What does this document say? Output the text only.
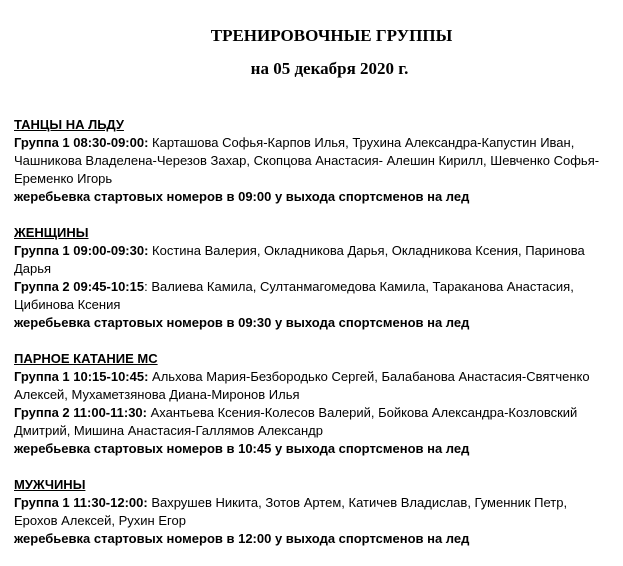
ТРЕНИРОВОЧНЫЕ ГРУППЫ
на 05 декабря 2020 г.
ТАНЦЫ НА ЛЬДУ
Группа 1 08:30-09:00: Карташова Софья-Карпов Илья, Трухина Александра-Капустин Иван, Чашникова Владелена-Черезов Захар, Скопцова Анастасия- Алешин Кирилл, Шевченко Софья-Еременко Игорь
жеребьевка стартовых номеров в 09:00 у выхода спортсменов на лед
ЖЕНЩИНЫ
Группа 1 09:00-09:30: Костина Валерия, Окладникова Дарья, Окладникова Ксения, Паринова Дарья
Группа 2 09:45-10:15: Валиева Камила, Султанмагомедова Камила, Тараканова Анастасия, Цибинова Ксения
жеребьевка стартовых номеров в 09:30 у выхода спортсменов на лед
ПАРНОЕ КАТАНИЕ МС
Группа 1 10:15-10:45: Альхова Мария-Безбородько Сергей, Балабанова Анастасия-Святченко Алексей, Мухаметзянова Диана-Миронов Илья
Группа 2 11:00-11:30: Ахантьева Ксения-Колесов Валерий, Бойкова Александра-Козловский Дмитрий, Мишина Анастасия-Галлямов Александр
жеребьевка стартовых номеров в 10:45 у выхода спортсменов на лед
МУЖЧИНЫ
Группа 1 11:30-12:00: Вахрушев Никита, Зотов Артем, Катичев Владислав, Гуменник Петр, Ерохов Алексей, Рухин Егор
жеребьевка стартовых номеров в 12:00 у выхода спортсменов на лед
